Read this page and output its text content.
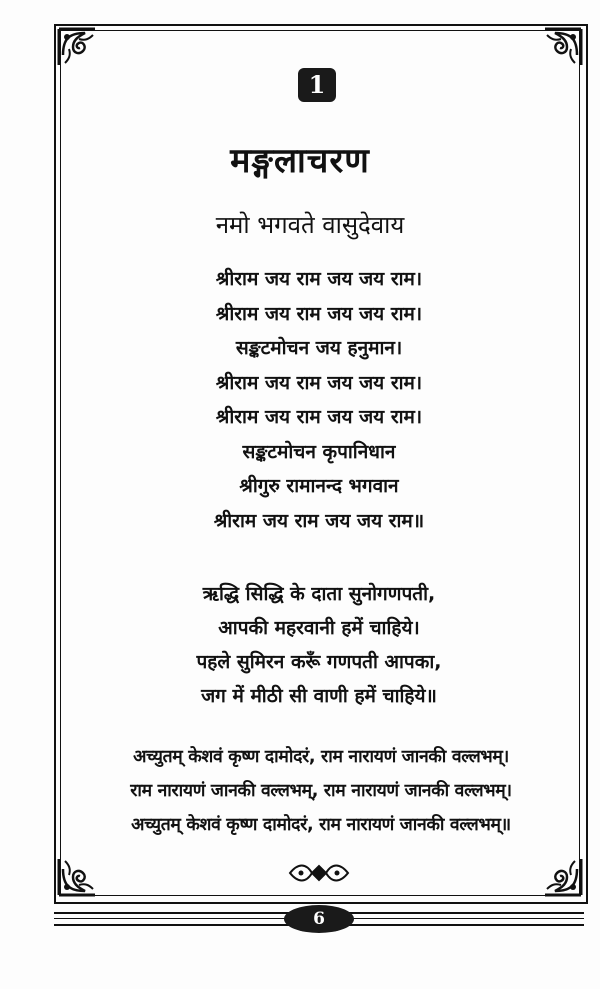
1
मङ्गलाचरण
नमो भगवते वासुदेवाय
श्रीराम जय राम जय जय राम।
श्रीराम जय राम जय जय राम।
सङ्कटमोचन जय हनुमान।
श्रीराम जय राम जय जय राम।
श्रीराम जय राम जय जय राम।
सङ्कटमोचन कृपानिधान
श्रीगुरु रामानन्द भगवान
श्रीराम जय राम जय जय राम॥
ऋद्धि सिद्धि के दाता सुनोगणपती,
आपकी महरवानी हमें चाहिये।
पहले सुमिरन करूँ गणपती आपका,
जग में मीठी सी वाणी हमें चाहिये॥
अच्युतम् केशवं कृष्ण दामोदरं, राम नारायणं जानकी वल्लभम्।
राम नारायणं जानकी वल्लभम्, राम नारायणं जानकी वल्लभम्।
अच्युतम् केशवं कृष्ण दामोदरं, राम नारायणं जानकी वल्लभम्॥
6
